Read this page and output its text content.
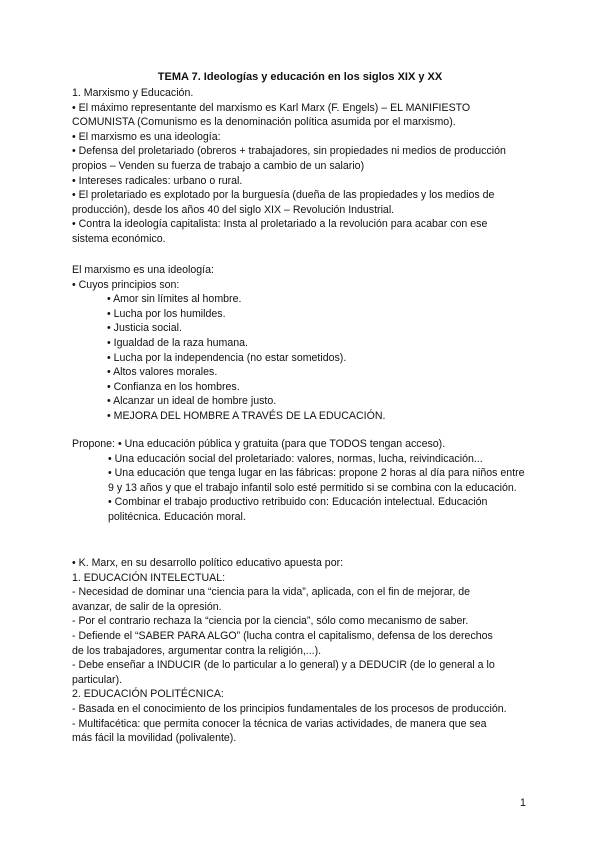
TEMA 7. Ideologías y educación en los siglos XIX y XX
1. Marxismo y Educación.
• El máximo representante del marxismo es Karl Marx (F. Engels) – EL MANIFIESTO
COMUNISTA (Comunismo es la denominación política asumida por el marxismo).
• El marxismo es una ideología:
• Defensa del proletariado (obreros + trabajadores, sin propiedades ni medios de producción
propios – Venden su fuerza de trabajo a cambio de un salario)
• Intereses radicales: urbano o rural.
• El proletariado es explotado por la burguesía (dueña de las propiedades y los medios de
producción), desde los años 40 del siglo XIX – Revolución Industrial.
• Contra la ideología capitalista: Insta al proletariado a la revolución para acabar con ese
sistema económico.
El marxismo es una ideología:
• Cuyos principios son:
• Amor sin límites al hombre.
• Lucha por los humildes.
• Justicia social.
• Igualdad de la raza humana.
• Lucha por la independencia (no estar sometidos).
• Altos valores morales.
• Confianza en los hombres.
• Alcanzar un ideal de hombre justo.
• MEJORA DEL HOMBRE A TRAVÉS DE LA EDUCACIÓN.
Propone: • Una educación pública y gratuita (para que TODOS tengan acceso).
• Una educación social del proletariado: valores, normas, lucha, reivindicación...
• Una educación que tenga lugar en las fábricas: propone 2 horas al día para niños entre 9 y 13 años y que el trabajo infantil solo esté permitido si se combina con la educación.
• Combinar el trabajo productivo retribuido con: Educación intelectual. Educación politécnica. Educación moral.
• K. Marx, en su desarrollo político educativo apuesta por:
1. EDUCACIÓN INTELECTUAL:
- Necesidad de dominar una “ciencia para la vida”, aplicada, con el fin de mejorar, de
avanzar, de salir de la opresión.
- Por el contrario rechaza la “ciencia por la ciencia”, sólo como mecanismo de saber.
- Defiende el “SABER PARA ALGO” (lucha contra el capitalismo, defensa de los derechos
de los trabajadores, argumentar contra la religión,...).
- Debe enseñar a INDUCIR (de lo particular a lo general) y a DEDUCIR (de lo general a lo
particular).
2. EDUCACIÓN POLITÉCNICA:
- Basada en el conocimiento de los principios fundamentales de los procesos de producción.
- Multifacética: que permita conocer la técnica de varias actividades, de manera que sea
más fácil la movilidad (polivalente).
1
